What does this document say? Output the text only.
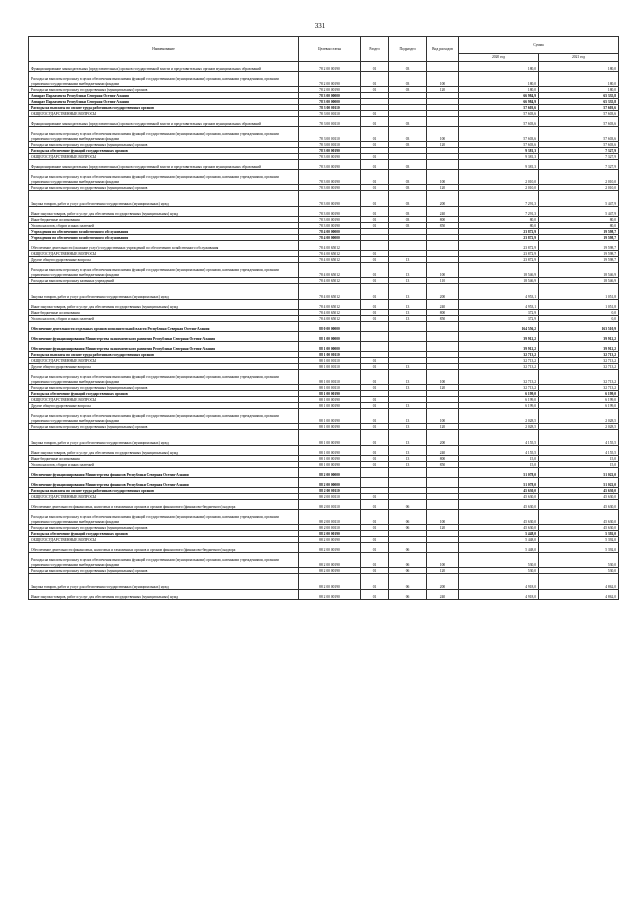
331
Наименование	Целевая статья	Раздел	Подраздел	Вид расходов	Сумма	
					2020 год	2021 год
Функционирование законодательных (представительных) органов государственной власти и представительных органов муниципальных образований	78 2 00 00190	01	03		180,0	180,0
Расходы на выплаты персоналу в целях обеспечения выполнения функций государственными (муниципальными) органами, казенными учреждениями, органами управления государственными внебюджетными фондами	78 2 00 00190	01	03	100	180,0	180,0
Расходы на выплаты персоналу государственных (муниципальных) органов	78 2 00 00190	01	03	120	180,0	180,0
Аппарат Парламента Республики Северная Осетия-Алания	78 3 00 00000				66 984,9	65 335,8
Аппарат Парламента Республики Северная Осетия-Алания	78 3 00 00000				66 984,9	65 335,8
Расходы на выплаты по оплате труда работников государственных органов	78 3 00 00110				57 603,6	57 603,6
ОБЩЕГОСУДАРСТВЕННЫЕ ВОПРОСЫ	78 3 00 00110	01			57 603,6	57 603,6
Функционирование законодательных (представительных) органов государственной власти и представительных органов муниципальных образований	78 3 00 00110	01	03		57 603,6	57 603,6
Расходы на выплаты персоналу в целях обеспечения выполнения функций государственными (муниципальными) органами, казенными учреждениями, органами управления государственными внебюджетными фондами	78 3 00 00110	01	03	100	57 603,6	57 603,6
Расходы на выплаты персоналу государственных (муниципальных) органов	78 3 00 00110	01	03	120	57 603,6	57 603,6
Расходы на обеспечение функций государственных органов	78 3 00 00190				9 381,3	7 327,9
ОБЩЕГОСУДАРСТВЕННЫЕ ВОПРОСЫ	78 3 00 00190	01			9 381,3	7 327,9
Функционирование законодательных (представительных) органов государственной власти и представительных органов муниципальных образований	78 3 00 00190	01	03		9 381,3	7 327,9
Расходы на выплаты персоналу в целях обеспечения выполнения функций государственными (муниципальными) органами, казенными учреждениями, органами управления государственными внебюджетными фондами	78 3 00 00190	01	03	100	2 010,0	2 010,0
Расходы на выплаты персоналу государственных (муниципальных) органов	78 3 00 00190	01	03	120	2 010,0	2 010,0
Закупка товаров, работ и услуг для обеспечения государственных (муниципальных) нужд	78 3 00 00190	01	03	200	7 291,3	5 447,9
Иные закупки товаров, работ и услуг для обеспечения государственных (муниципальных) нужд	78 3 00 00190	01	03	240	7 291,3	5 447,9
Иные бюджетные ассигнования	78 3 00 00190	01	03	800	80,0	80,0
Уплата налогов, сборов и иных платежей	78 3 00 00190	01	03	850	80,0	80,0
Учреждения по обеспечению хозяйственного обслуживания	78 4 00 00000				23 872,9	19 598,7
Учреждения по обеспечению хозяйственного обслуживания	78 4 00 00000				23 872,9	19 598,7
Обеспечение деятельности (оказание услуг) государственных учреждений по обеспечению хозяйственного обслуживания	78 4 00 65012				23 872,9	19 598,7
ОБЩЕГОСУДАРСТВЕННЫЕ ВОПРОСЫ	78 4 00 65012	01			23 872,9	19 598,7
Другие общегосударственные вопросы	78 4 00 65012	01	13		23 872,9	19 598,7
Расходы на выплаты персоналу в целях обеспечения выполнения функций государственными (муниципальными) органами, казенными учреждениями, органами управления государственными внебюджетными фондами	78 4 00 65012	01	13	100	18 546,9	18 546,9
Расходы на выплаты персоналу казенных учреждений	78 4 00 65012	01	13	110	18 546,9	18 546,9
Закупка товаров, работ и услуг для обеспечения государственных (муниципальных) нужд	78 4 00 65012	01	13	200	4 953,1	1 051,8
Иные закупки товаров, работ и услуг для обеспечения государственных (муниципальных) нужд	78 4 00 65012	01	13	240	4 953,1	1 051,8
Иные бюджетные ассигнования	78 4 00 65012	01	13	800	372,9	0,0
Уплата налогов, сборов и иных платежей	78 4 00 65012	01	13	850	372,9	0,0
Обеспечение деятельности отдельных органов исполнительной власти Республики Северная Осетия-Алания	88 0 00 00000				164 556,2	163 510,9
Обеспечение функционирования Министерства экономического развития Республики Северная Осетия-Алания	88 1 00 00000				39 912,2	39 912,2
Обеспечение функционирования Министерства экономического развития Республики Северная Осетия-Алания	88 1 00 00000				39 912,2	39 912,2
Расходы на выплаты по оплате труда работников государственных органов	88 1 00 00110				32 713,2	32 713,2
ОБЩЕГОСУДАРСТВЕННЫЕ ВОПРОСЫ	88 1 00 00110	01			32 713,2	32 713,2
Другие общегосударственные вопросы	88 1 00 00110	01	13		32 713,2	32 713,2
Расходы на выплаты персоналу в целях обеспечения выполнения функций государственными (муниципальными) органами, казенными учреждениями, органами управления государственными внебюджетными фондами	88 1 00 00110	01	13	100	32 713,2	32 713,2
Расходы на выплаты персоналу государственных (муниципальных) органов	88 1 00 00110	01	13	120	32 713,2	32 713,2
Расходы на обеспечение функций государственных органов	88 1 00 00190				6 199,0	6 199,0
ОБЩЕГОСУДАРСТВЕННЫЕ ВОПРОСЫ	88 1 00 00190	01			6 199,0	6 199,0
Другие общегосударственные вопросы	88 1 00 00190	01	13		6 199,0	6 199,0
Расходы на выплаты персоналу в целях обеспечения выполнения функций государственными (муниципальными) органами, казенными учреждениями, органами управления государственными внебюджетными фондами	88 1 00 00190	01	13	100	2 028,5	2 028,5
Расходы на выплаты персоналу государственных (муниципальных) органов	88 1 00 00190	01	13	120	2 028,5	2 028,5
Закупка товаров, работ и услуг для обеспечения государственных (муниципальных) нужд	88 1 00 00190	01	13	200	4 155,5	4 155,5
Иные закупки товаров, работ и услуг для обеспечения государственных (муниципальных) нужд	88 1 00 00190	01	13	240	4 155,5	4 155,5
Иные бюджетные ассигнования	88 1 00 00190	01	13	800	15,0	15,0
Уплата налогов, сборов и иных платежей	88 1 00 00190	01	13	850	15,0	15,0
Обеспечение функционирования Министерства финансов Республики Северная Осетия-Алания	88 2 00 00000				51 078,0	51 022,0
Обеспечение функционирования Министерства финансов Республики Северная Осетия-Алания	88 2 00 00000				51 078,0	51 022,0
Расходы на выплаты по оплате труда работников государственных органов	88 2 00 00110				45 630,0	45 630,0
ОБЩЕГОСУДАРСТВЕННЫЕ ВОПРОСЫ	88 2 00 00110	01			45 630,0	45 630,0
Обеспечение деятельности финансовых, налоговых и таможенных органов и органов финансового (финансово-бюджетного) надзора	88 2 00 00110	01	06		45 630,0	45 630,0
Расходы на выплаты персоналу в целях обеспечения выполнения функций государственными (муниципальными) органами, казенными учреждениями, органами управления государственными внебюджетными фондами	88 2 00 00110	01	06	100	45 630,0	45 630,0
Расходы на выплаты персоналу государственных (муниципальных) органов	88 2 00 00110	01	06	120	45 630,0	45 630,0
Расходы на обеспечение функций государственных органов	88 2 00 00190				5 448,0	5 392,0
ОБЩЕГОСУДАРСТВЕННЫЕ ВОПРОСЫ	88 2 00 00190	01			5 448,0	5 392,0
Обеспечение деятельности финансовых, налоговых и таможенных органов и органов финансового (финансово-бюджетного) надзора	88 2 00 00190	01	06		5 448,0	5 392,0
Расходы на выплаты персоналу в целях обеспечения выполнения функций государственными (муниципальными) органами, казенными учреждениями, органами управления государственными внебюджетными фондами	88 2 00 00190	01	06	100	530,0	530,0
Расходы на выплаты персоналу государственных (муниципальных) органов	88 2 00 00190	01	06	120	530,0	530,0
Закупка товаров, работ и услуг для обеспечения государственных (муниципальных) нужд	88 2 00 00190	01	06	200	4 918,0	4 862,0
Иные закупки товаров, работ и услуг для обеспечения государственных (муниципальных) нужд	88 2 00 00190	01	06	240	4 918,0	4 862,0
